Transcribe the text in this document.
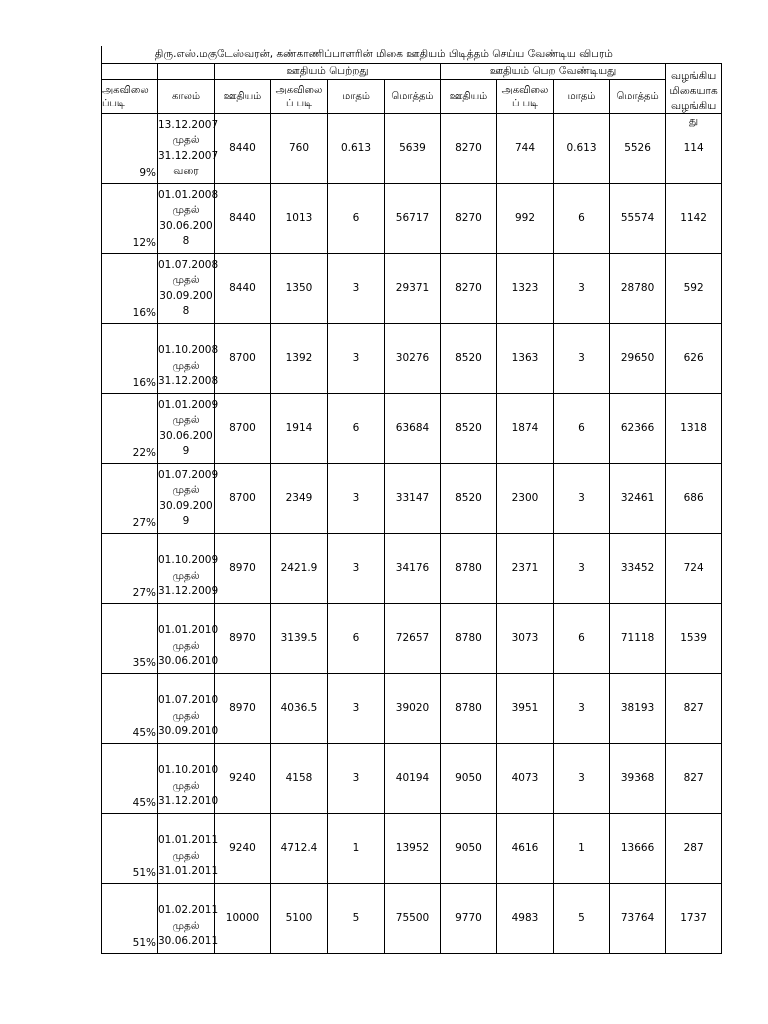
திரு.எஸ்.மகுடேஸ்வரன், கண்காணிப்பாளரின் மிகை ஊதியம் பிடித்தம் செய்ய வேண்டிய விபரம்										
		ஊதியம் பெற்றது				ஊதியம் பெற வேண்டியது				வழங்கிய
மிகையாக வழங்கிய து

அகவிலை ப்படி	காலம்	ஊதியம்	அகவிலை ப் படி	மாதம்	மொத்தம்	ஊதியம்	அகவிலை ப் படி	மாதம்	மொத்தம்	
9%	13.12.2007
முதல்
31.12.2007
வரை	8440	760	0.613	5639	8270	744	0.613	5526	114
12%	01.01.2008
முதல்
30.06.200
8	8440	1013	6	56717	8270	992	6	55574	1142
16%	01.07.2008
முதல்
30.09.200
8	8440	1350	3	29371	8270	1323	3	28780	592
16%	01.10.2008
முதல்
31.12.2008	8700	1392	3	30276	8520	1363	3	29650	626
22%	01.01.2009
முதல்
30.06.200
9	8700	1914	6	63684	8520	1874	6	62366	1318
27%	01.07.2009
முதல்
30.09.200
9	8700	2349	3	33147	8520	2300	3	32461	686
27%	01.10.2009
முதல்
31.12.2009	8970	2421.9	3	34176	8780	2371	3	33452	724
35%	01.01.2010
முதல்
30.06.2010	8970	3139.5	6	72657	8780	3073	6	71118	1539
45%	01.07.2010
முதல்
30.09.2010	8970	4036.5	3	39020	8780	3951	3	38193	827
45%	01.10.2010
முதல்
31.12.2010	9240	4158	3	40194	9050	4073	3	39368	827
51%	01.01.2011
முதல்
31.01.2011	9240	4712.4	1	13952	9050	4616	1	13666	287
51%	01.02.2011
முதல்
30.06.2011	10000	5100	5	75500	9770	4983	5	73764	1737
